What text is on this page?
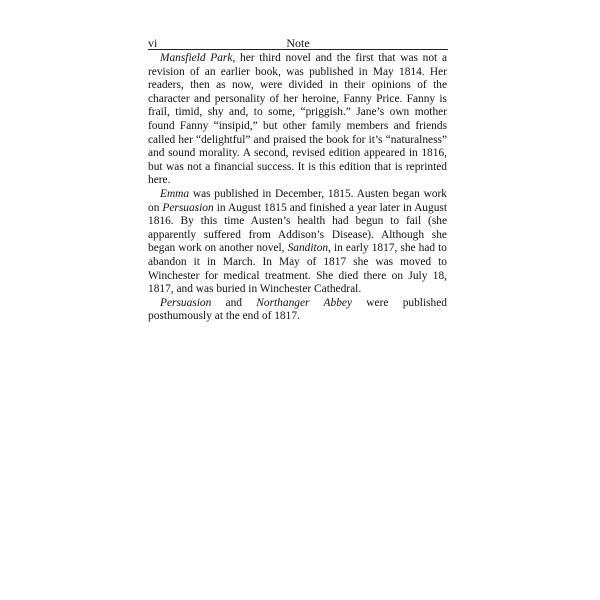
vi	Note

Mansfield Park, her third novel and the first that was not a revision of an earlier book, was published in May 1814. Her readers, then as now, were divided in their opinions of the character and personality of her heroine, Fanny Price. Fanny is frail, timid, shy and, to some, “priggish.” Jane’s own mother found Fanny “insipid,” but other family members and friends called her “delightful” and praised the book for it’s “naturalness” and sound morality. A second, revised edition appeared in 1816, but was not a financial success. It is this edition that is reprinted here.

Emma was published in December, 1815. Austen began work on Persuasion in August 1815 and finished a year later in August 1816. By this time Austen’s health had begun to fail (she apparently suffered from Addison’s Disease). Although she began work on another novel, Sanditon, in early 1817, she had to abandon it in March. In May of 1817 she was moved to Winchester for medical treatment. She died there on July 18, 1817, and was buried in Winchester Cathedral.

Persuasion and Northanger Abbey were published posthumously at the end of 1817.
